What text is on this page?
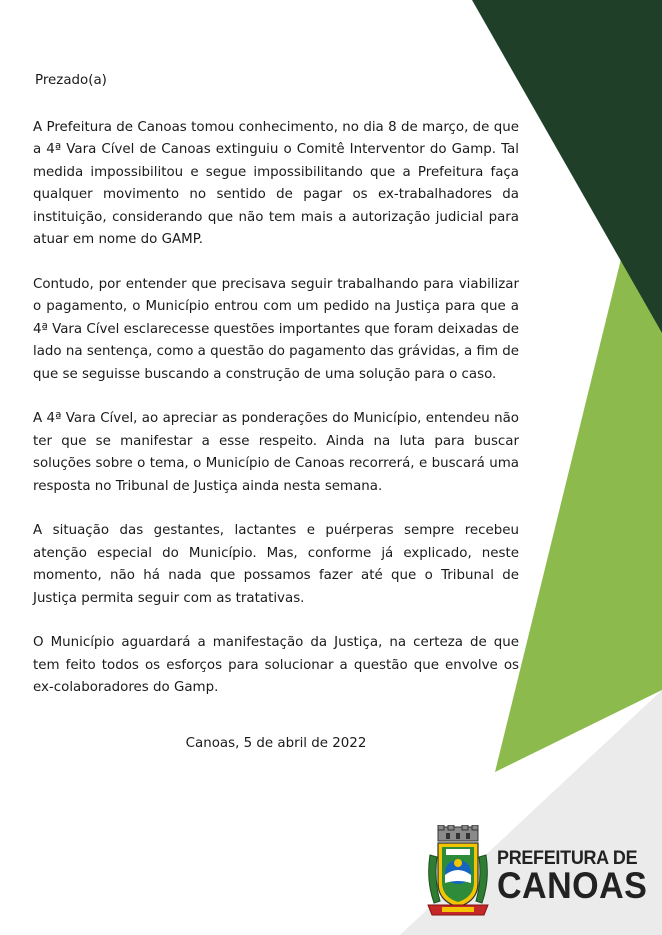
Prezado(a)

A Prefeitura de Canoas tomou conhecimento, no dia 8 de março, de que a 4ª Vara Cível de Canoas extinguiu o Comitê Interventor do Gamp. Tal medida impossibilitou e segue impossibilitando que a Prefeitura faça qualquer movimento no sentido de pagar os ex-trabalhadores da instituição, considerando que não tem mais a autorização judicial para atuar em nome do GAMP.

Contudo, por entender que precisava seguir trabalhando para viabilizar o pagamento, o Município entrou com um pedido na Justiça para que a 4ª Vara Cível esclarecesse questões importantes que foram deixadas de lado na sentença, como a questão do pagamento das grávidas, a fim de que se seguisse buscando a construção de uma solução para o caso.

A 4ª Vara Cível, ao apreciar as ponderações do Município, entendeu não ter que se manifestar a esse respeito. Ainda na luta para buscar soluções sobre o tema, o Município de Canoas recorrerá, e buscará uma resposta no Tribunal de Justiça ainda nesta semana.

A situação das gestantes, lactantes e puérperas sempre recebeu atenção especial do Município. Mas, conforme já explicado, neste momento, não há nada que possamos fazer até que o Tribunal de Justiça permita seguir com as tratativas.

O Município aguardará a manifestação da Justiça, na certeza de que tem feito todos os esforços para solucionar a questão que envolve os ex-colaboradores do Gamp.

Canoas, 5 de abril de 2022
PREFEITURA DE
CANOAS
